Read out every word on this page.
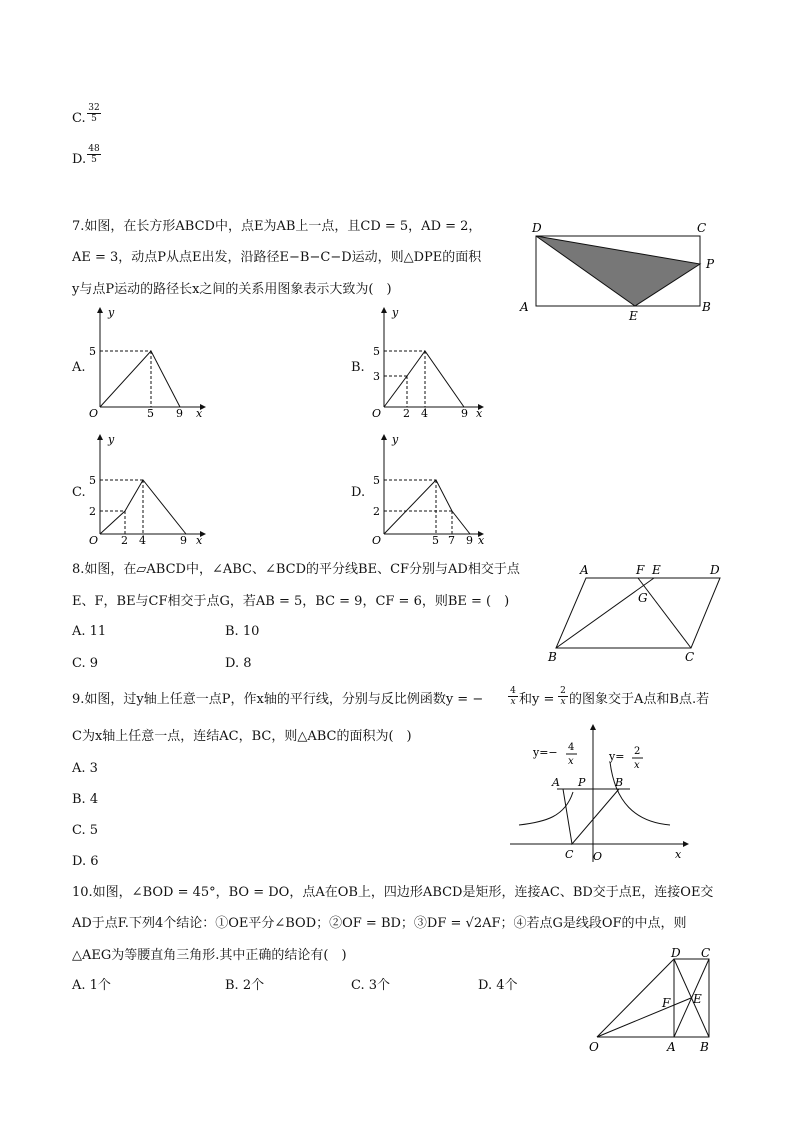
C. $\frac{32}{5}$
D. $\frac{48}{5}$
7.如图，在长方形ABCD中，点E为AB上一点，且CD = 5，AD = 2，
AE = 3，动点P从点E出发，沿路径E−B−C−D运动，则△DPE的面积
y与点P运动的路径长x之间的关系用图象表示大致为(　)
D	C
P
A
E
B
A.
y
x
O
5
5 9
B.
y
x
O
5
3
2 4	9
C.
y
x
O
5
2
2 4	9
D.
y
x
O
5
2
5 7 9
8.如图，在▱ABCD中，∠ABC、∠BCD的平分线BE、CF分别与AD相交于点
E、F，BE与CF相交于点G，若AB = 5，BC = 9，CF = 6，则BE = (　)
A. 11	B. 10
C. 9	D. 8
A	F E	D
G
B	C
9.如图，过y轴上任意一点P，作x轴的平行线，分别与反比例函数y = −	$\frac{4}{x}$ 和$y = \frac{2}{x}$ 的图象交于A点和B点.若
C为x轴上任意一点，连结AC，BC，则△ABC的面积为(　)
A. 3
B. 4
C. 5
D. 6
y=− 4
x	y= 2
x
A P	B
C O	x
10.如图，∠BOD = 45°，BO = DO，点A在OB上，四边形ABCD是矩形，连接AC、BD交于点E，连接OE交
AD于点F.下列4个结论：①OE平分∠BOD；②OF = BD；③DF = √2AF；④若点G是线段OF的中点，则
△AEG为等腰直角三角形.其中正确的结论有(　)
A. 1个	B. 2个	C. 3个	D. 4个
D C
F E
O	A B
